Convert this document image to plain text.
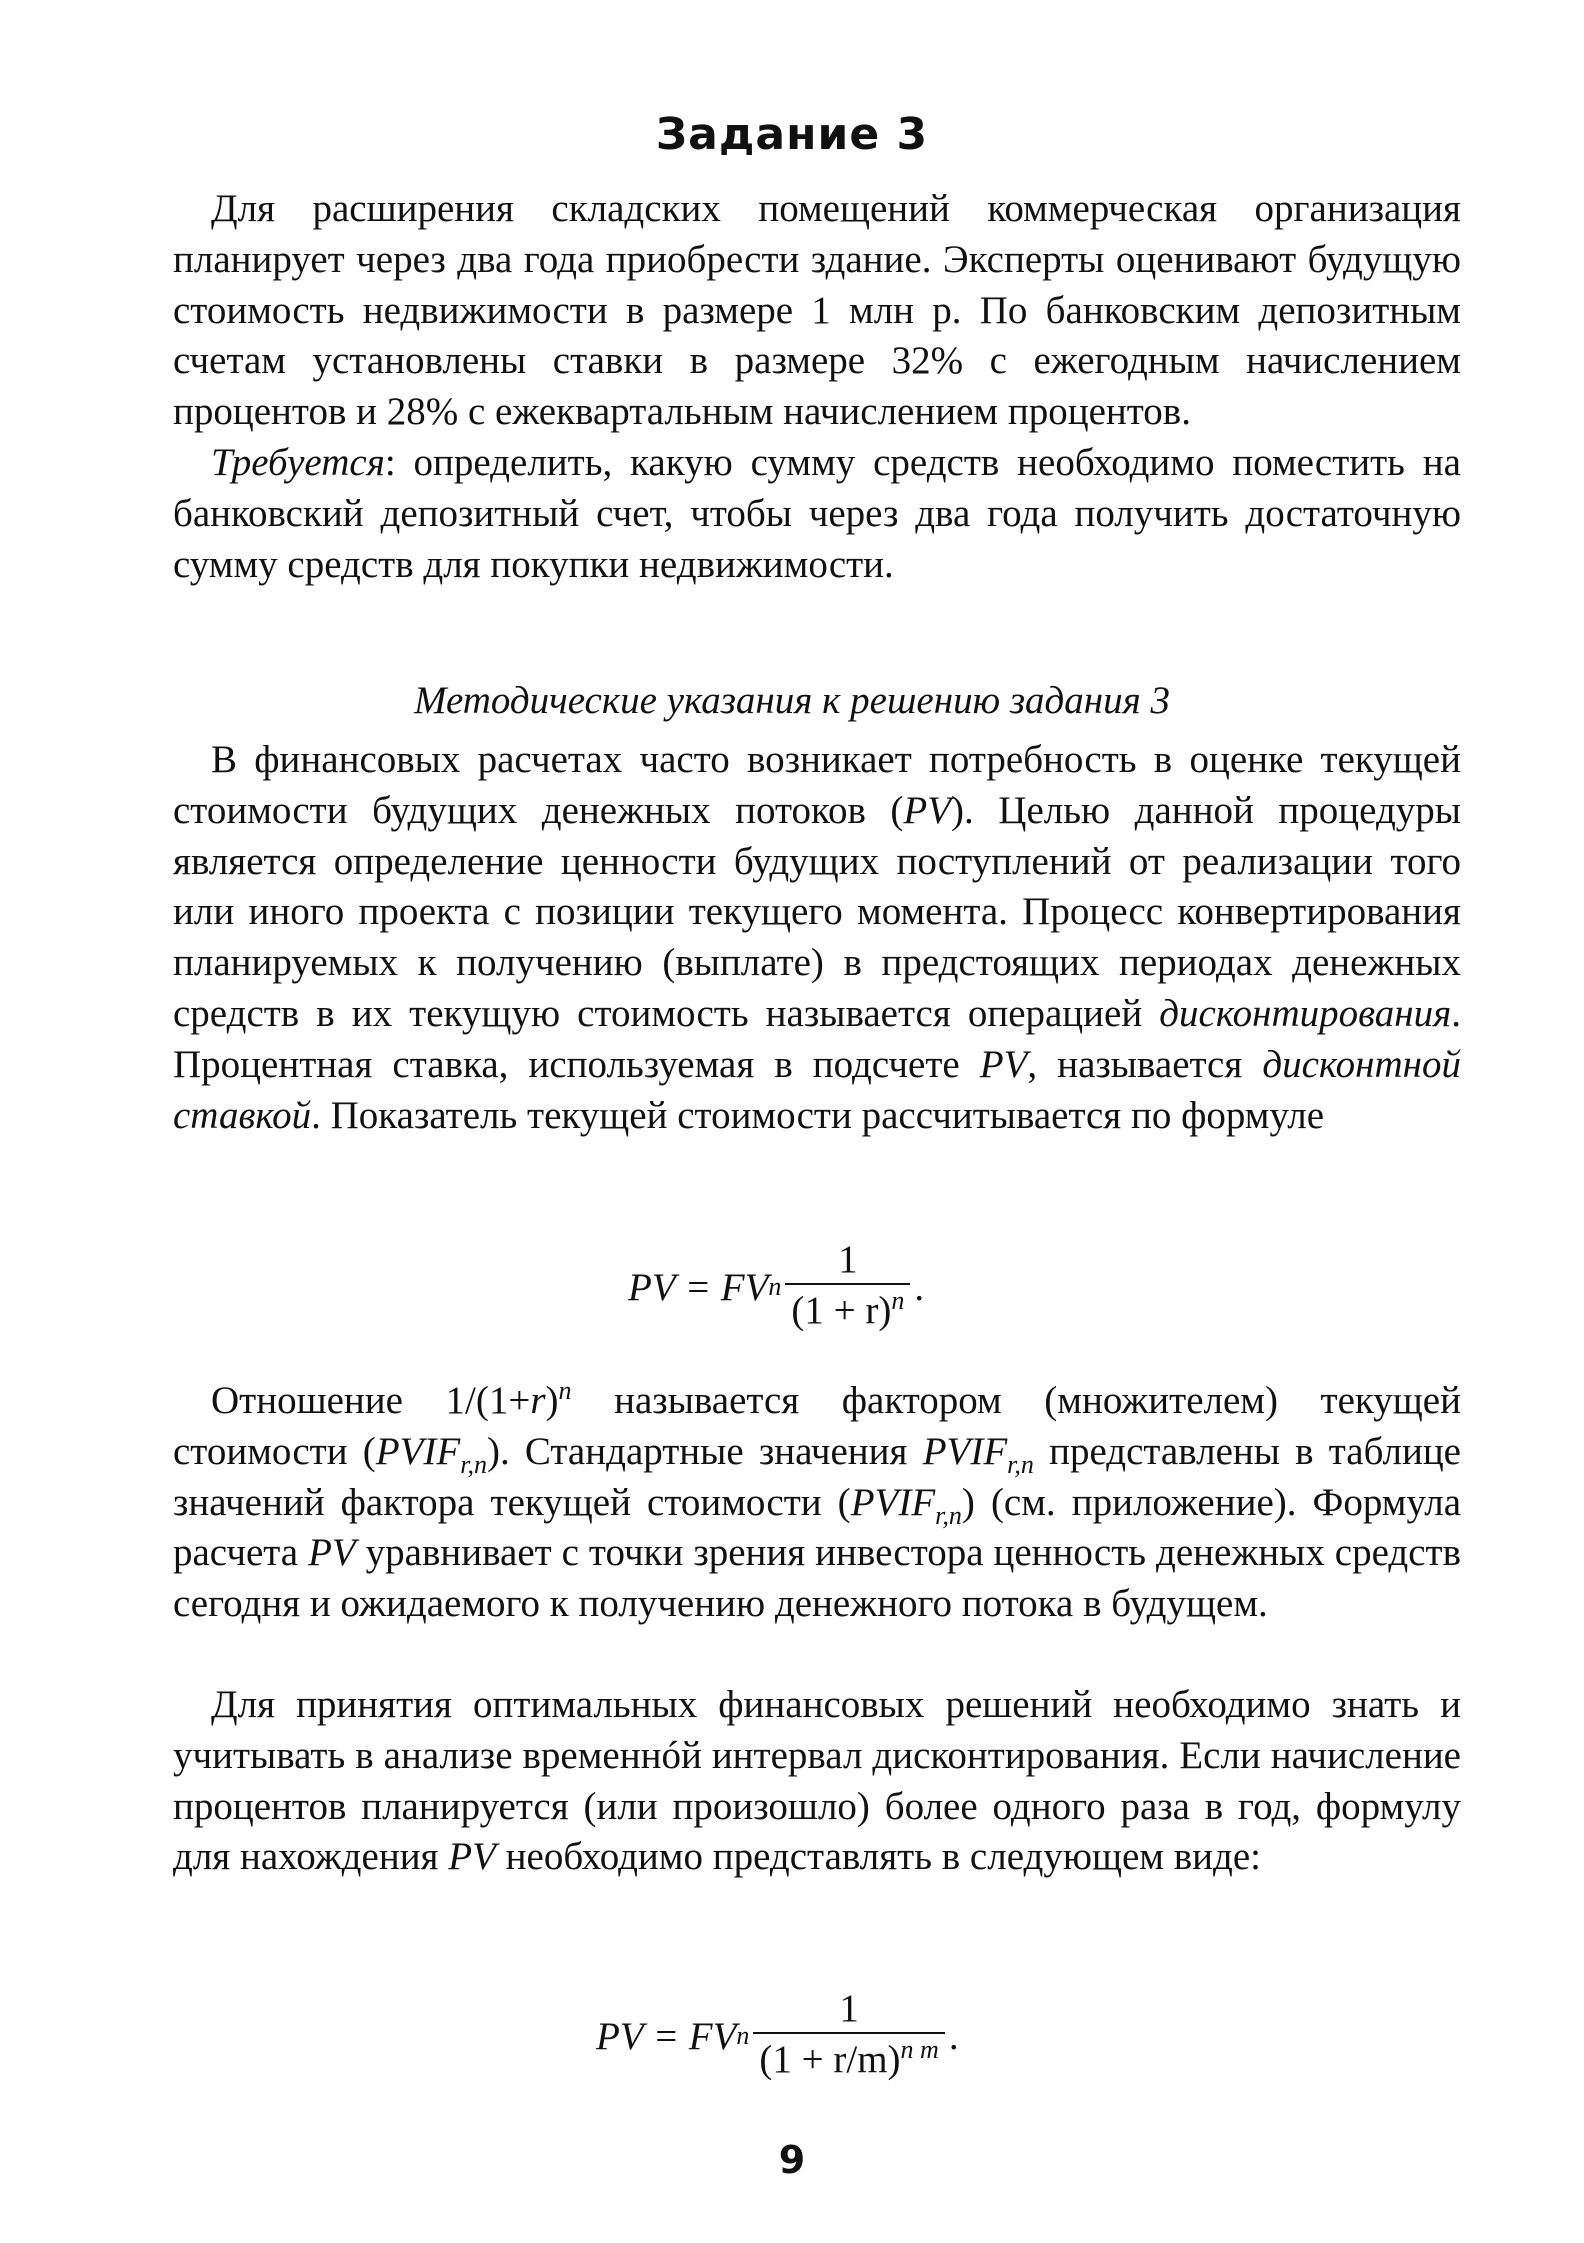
Задание 3

Для расширения складских помещений коммерческая организация планирует через два года приобрести здание. Эксперты оценивают будущую стоимость недвижимости в размере 1 млн р. По банковским депозитным счетам установлены ставки в размере 32% с ежегодным начислением процентов и 28% с ежеквартальным начислением процентов.

Требуется: определить, какую сумму средств необходимо поместить на банковский депозитный счет, чтобы через два года получить достаточную сумму средств для покупки недвижимости.

Методические указания к решению задания 3

В финансовых расчетах часто возникает потребность в оценке текущей стоимости будущих денежных потоков (PV). Целью данной процедуры является определение ценности будущих поступлений от реализации того или иного проекта с позиции текущего момента. Процесс конвертирования планируемых к получению (выплате) в предстоящих периодах денежных средств в их текущую стоимость называется операцией дисконтирования. Процентная ставка, используемая в подсчете PV, называется дисконтной ставкой. Показатель текущей стоимости рассчитывается по формуле

PV = FV n $\frac{1}{(1 + r)^n}$ .

Отношение $1/(1+r)^n$ называется фактором (множителем) текущей стоимости $(PVIF_{r,n})$. Стандартные значения $PVIF_{r,n}$ представлены в таблице значений фактора текущей стоимости $(PVIF_{r,n})$ (см. приложение). Формула расчета PV уравнивает с точки зрения инвестора ценность денежных средств сегодня и ожидаемого к получению денежного потока в будущем.

Для принятия оптимальных финансовых решений необходимо знать и учитывать в анализе временнóй интервал дисконтирования. Если начисление процентов планируется (или произошло) более одного раза в год, формулу для нахождения PV необходимо представлять в следующем виде:

PV = FV n $\frac{1}{(1 + r/m)^{n m}}$ .
9
